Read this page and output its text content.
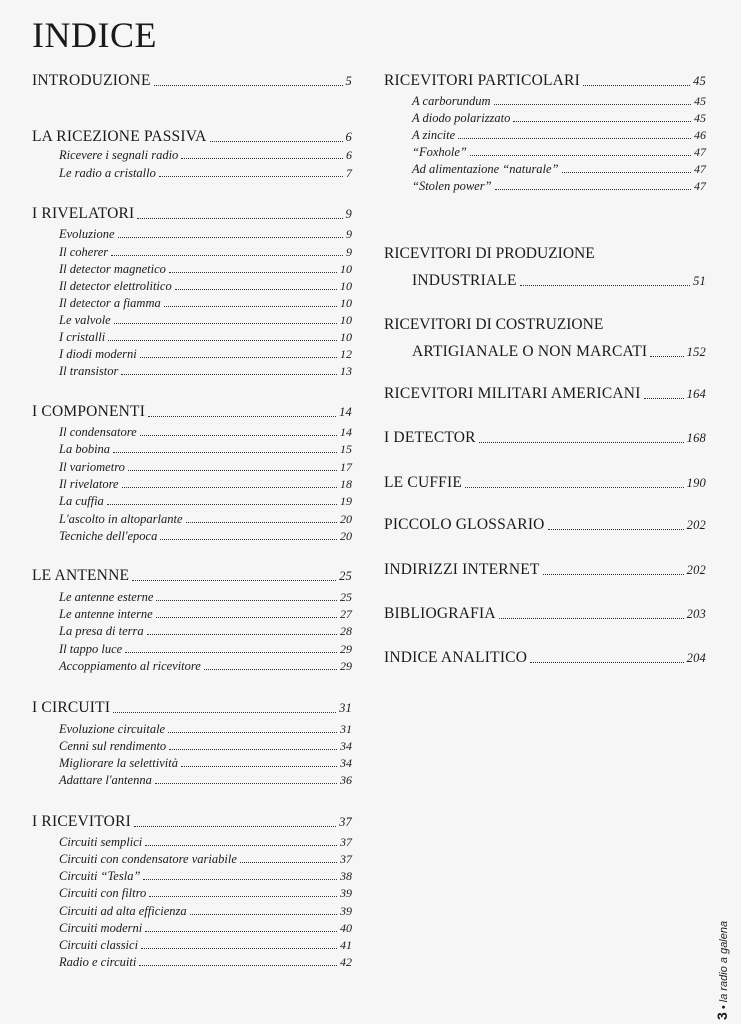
INDICE
INTRODUZIONE	5
LA RICEZIONE PASSIVA	6
Ricevere i segnali radio	6
Le radio a cristallo	7
I RIVELATORI	9
Evoluzione	9
Il coherer	9
Il detector magnetico	10
Il detector elettrolitico	10
Il detector a fiamma	10
Le valvole	10
I cristalli	10
I diodi moderni	12
Il transistor	13
I COMPONENTI	14
Il condensatore	14
La bobina	15
Il variometro	17
Il rivelatore	18
La cuffia	19
L'ascolto in altoparlante	20
Tecniche dell'epoca	20
LE ANTENNE	25
Le antenne esterne	25
Le antenne interne	27
La presa di terra	28
Il tappo luce	29
Accoppiamento al ricevitore	29
I CIRCUITI	31
Evoluzione circuitale	31
Cenni sul rendimento	34
Migliorare la selettività	34
Adattare l'antenna	36
I RICEVITORI	37
Circuiti semplici	37
Circuiti con condensatore variabile	37
Circuiti “Tesla”	38
Circuiti con filtro	39
Circuiti ad alta efficienza	39
Circuiti moderni	40
Circuiti classici	41
Radio e circuiti	42
RICEVITORI PARTICOLARI	45
A carborundum	45
A diodo polarizzato	45
A zincite	46
“Foxhole”	47
Ad alimentazione “naturale”	47
“Stolen power”	47
RICEVITORI DI PRODUZIONE
INDUSTRIALE	51
RICEVITORI DI COSTRUZIONE
ARTIGIANALE O NON MARCATI	152
RICEVITORI MILITARI AMERICANI	164
I DETECTOR	168
LE CUFFIE	190
PICCOLO GLOSSARIO	202
INDIRIZZI INTERNET	202
BIBLIOGRAFIA	203
INDICE ANALITICO	204
3 • la radio a galena
